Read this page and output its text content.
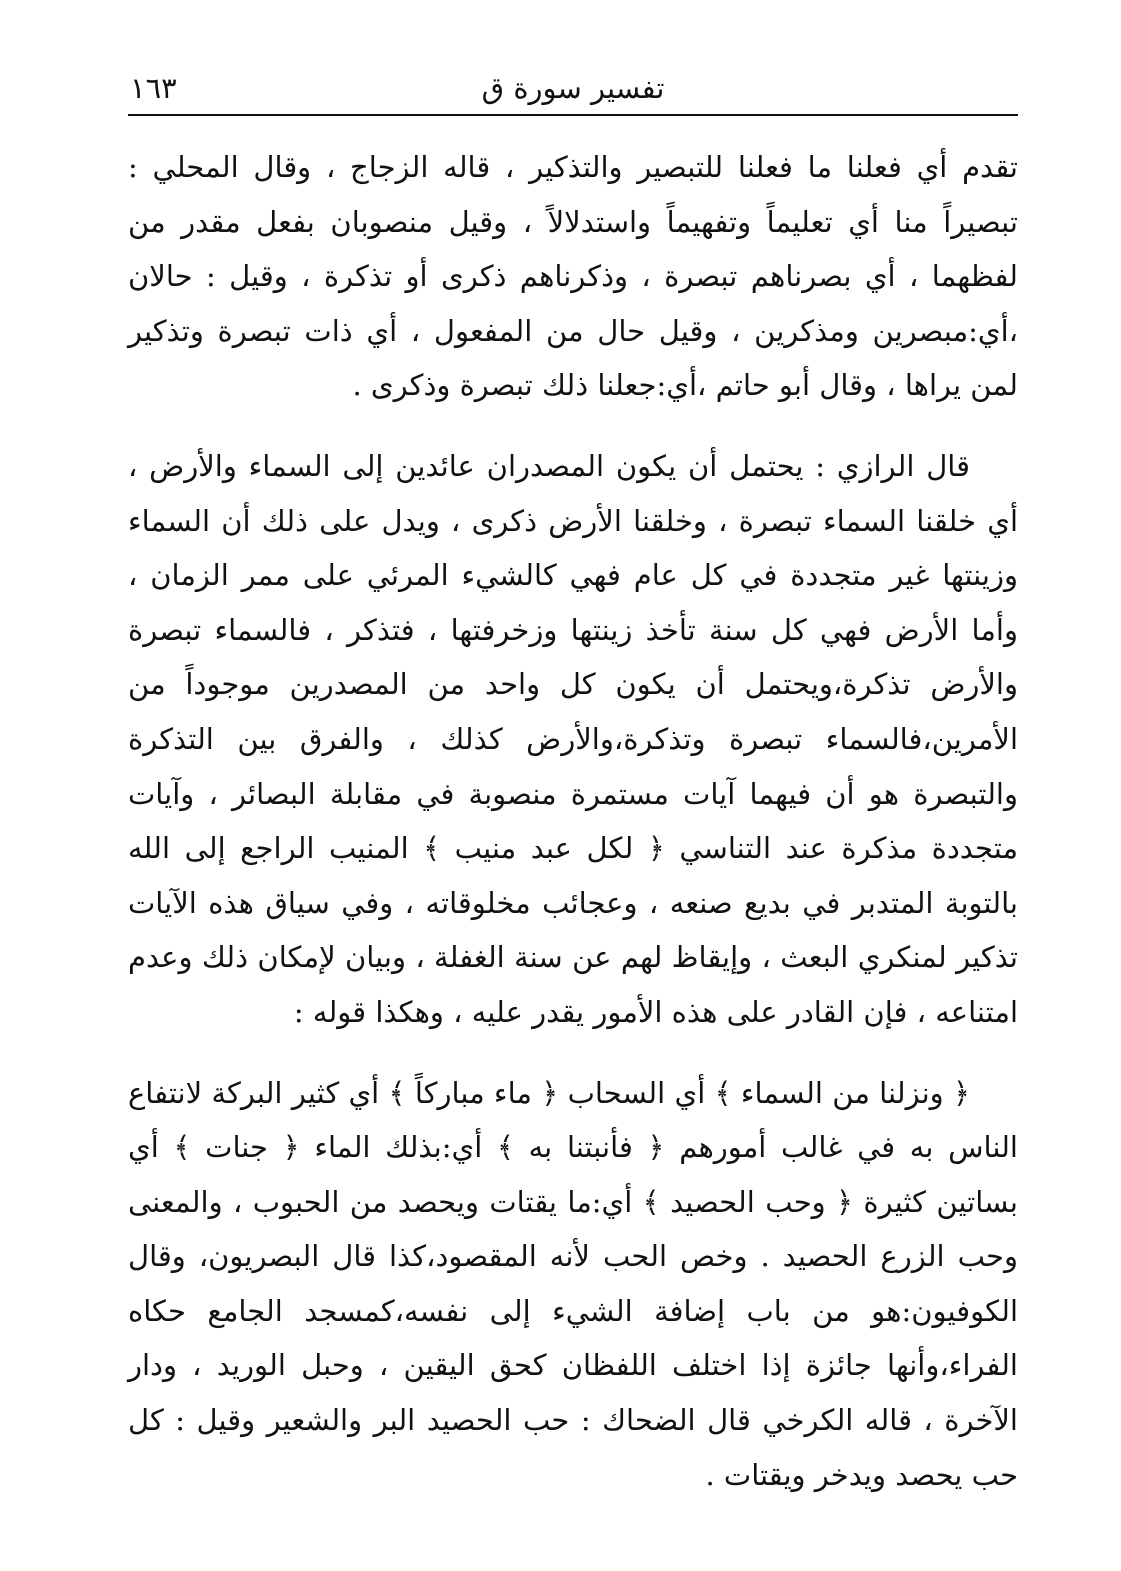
تفسير سورة ق
١٦٣

تقدم أي فعلنا ما فعلنا للتبصير والتذكير ، قاله الزجاج ، وقال المحلي : تبصيراً منا أي تعليماً وتفهيماً واستدلالاً ، وقيل منصوبان بفعل مقدر من لفظهما ، أي بصرناهم تبصرة ، وذكرناهم ذكرى أو تذكرة ، وقيل : حالان ،أي:مبصرين ومذكرين ، وقيل حال من المفعول ، أي ذات تبصرة وتذكير لمن يراها ، وقال أبو حاتم ،أي:جعلنا ذلك تبصرة وذكرى .

قال الرازي : يحتمل أن يكون المصدران عائدين إلى السماء والأرض ، أي خلقنا السماء تبصرة ، وخلقنا الأرض ذكرى ، ويدل على ذلك أن السماء وزينتها غير متجددة في كل عام فهي كالشيء المرئي على ممر الزمان ، وأما الأرض فهي كل سنة تأخذ زينتها وزخرفتها ، فتذكر ، فالسماء تبصرة والأرض تذكرة،ويحتمل أن يكون كل واحد من المصدرين موجوداً من الأمرين،فالسماء تبصرة وتذكرة،والأرض كذلك ، والفرق بين التذكرة والتبصرة هو أن فيهما آيات مستمرة منصوبة في مقابلة البصائر ، وآيات متجددة مذكرة عند التناسي ﴿ لكل عبد منيب ﴾ المنيب الراجع إلى الله بالتوبة المتدبر في بديع صنعه ، وعجائب مخلوقاته ، وفي سياق هذه الآيات تذكير لمنكري البعث ، وإيقاظ لهم عن سنة الغفلة ، وبيان لإمكان ذلك وعدم امتناعه ، فإن القادر على هذه الأمور يقدر عليه ، وهكذا قوله :

﴿ ونزلنا من السماء ﴾ أي السحاب ﴿ ماء مباركاً ﴾ أي كثير البركة لانتفاع الناس به في غالب أمورهم ﴿ فأنبتنا به ﴾ أي:بذلك الماء ﴿ جنات ﴾ أي بساتين كثيرة ﴿ وحب الحصيد ﴾ أي:ما يقتات ويحصد من الحبوب ، والمعنى وحب الزرع الحصيد . وخص الحب لأنه المقصود،كذا قال البصريون، وقال الكوفيون:هو من باب إضافة الشيء إلى نفسه،كمسجد الجامع حكاه الفراء،وأنها جائزة إذا اختلف اللفظان كحق اليقين ، وحبل الوريد ، ودار الآخرة ، قاله الكرخي قال الضحاك : حب الحصيد البر والشعير وقيل : كل حب يحصد ويدخر ويقتات .
